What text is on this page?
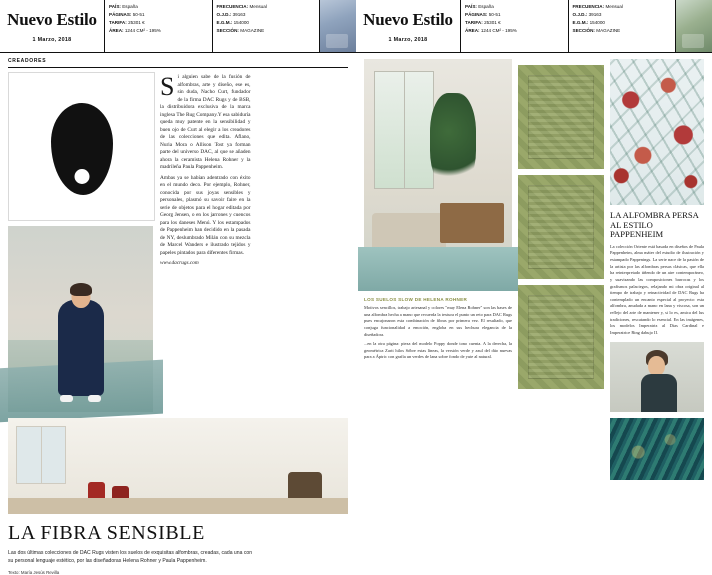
Nuevo Estilo
1 Marzo, 2018
PAÍS: España
PÁGINAS: 50-51
TARIFA: 25301 €
ÁREA: 1244 CM² - 195%
FRECUENCIA: Mensual
O.J.D.: 39163
E.G.M.: 154000
SECCIÓN: MAGAZINE
CREADORES
S i alguien sabe de la fusión de alfombras, arte y diseño, ese es, sin duda, Nacho Curt, fundador de la firma DAC Rugs y de BSB, la distribuidora exclusiva de la marca inglesa The Rug Company.Y esa sabiduría queda muy patente en la sensibilidad y buen ojo de Curt al elegir a los creadores de las colecciones que edita. Aflano, Nuria Mora o Allison Tost ya forman parte del universo DAC, al que se añaden ahora la ceramista Helena Rohner y la madrileña Paula Pappenheim.

Ambas ya se habían adentrado con éxito en el mundo deco. Por ejemplo, Rohner, conocida por sus joyas sensibles y personales, plasmó su savoir faire en la serie de objetos para el hogar editada por Georg Jensen, o en los jarrones y cuencos para los daneses Menú. Y los estampados de Pappenheim han decidido en la pasada de NY, deslumbrado Milán con su mezcla de Marcel Wanders e ilustrado tejidos y papeles pintados para diferentes firmas.

www.dacrugs.com

LA FIBRA SENSIBLE
Las dos últimas colecciones de DAC Rugs visten los suelos de exquisitas alfombras, creadas, cada una con su personal lenguaje estético, por las diseñadoras Helena Rohner y Paula Pappenheim.
Texto: María Jesús Revilla
Nuevo Estilo
1 Marzo, 2018
PAÍS: España
PÁGINAS: 50-51
TARIFA: 25301 €
ÁREA: 1244 CM² - 195%
FRECUENCIA: Mensual
O.J.D.: 39163
E.G.M.: 154000
SECCIÓN: MAGAZINE
LOS SUELOS SLOW DE HELENA ROHNER

Motivos sencillos, trabajo artesanal y colores "muy Elena Rohner" son las bases de una alfombra hecha a mano que recuerda la textura el punto un reto para DAC Rugs pues encajonaron esta combinación de fibras por primera vez. El resultado, que conjuga funcionalidad a emoción, engloba en sus hechura elegancia de la diseñadora.

...en la otra página: pieza del modelo Poppy donde tono cuenta. A la derecha, la geométrica Zarit hilos Sóbre estas líneas, la versión verde y azul del dúo nuevas para a Áptric con grafía un verdes de lana sobre fondo de yute al natural.

LA ALFOMBRA PERSA AL ESTILO PAPPENHEIM

La colección Oriente está basada en diseños de Paula Pappenheim, alma máter del estudio de ilustración y estampado Pappenings. La serie nace de la pasión de la artista por las alfombras persas clásicas, que ella ha reinterpretado tiñendo de un aire contemporáneo, y suavizando las composiciones barrocas y los grafismos palaciegos, relajando mi obra original al tiempo de trabajo y reinactividad de DAC Rugs ha contemplado un encanto especial al proyecto: esta alfombra, anudada a mano en lana y viscosa, son un reflejo del arte de mantener y, si lo es, amica del lus tradiciones, rescatando lo esencial. En las imágenes, los modelos Imperatriz al Dias Cardinal e Imperatrice Ring dabujo II.
